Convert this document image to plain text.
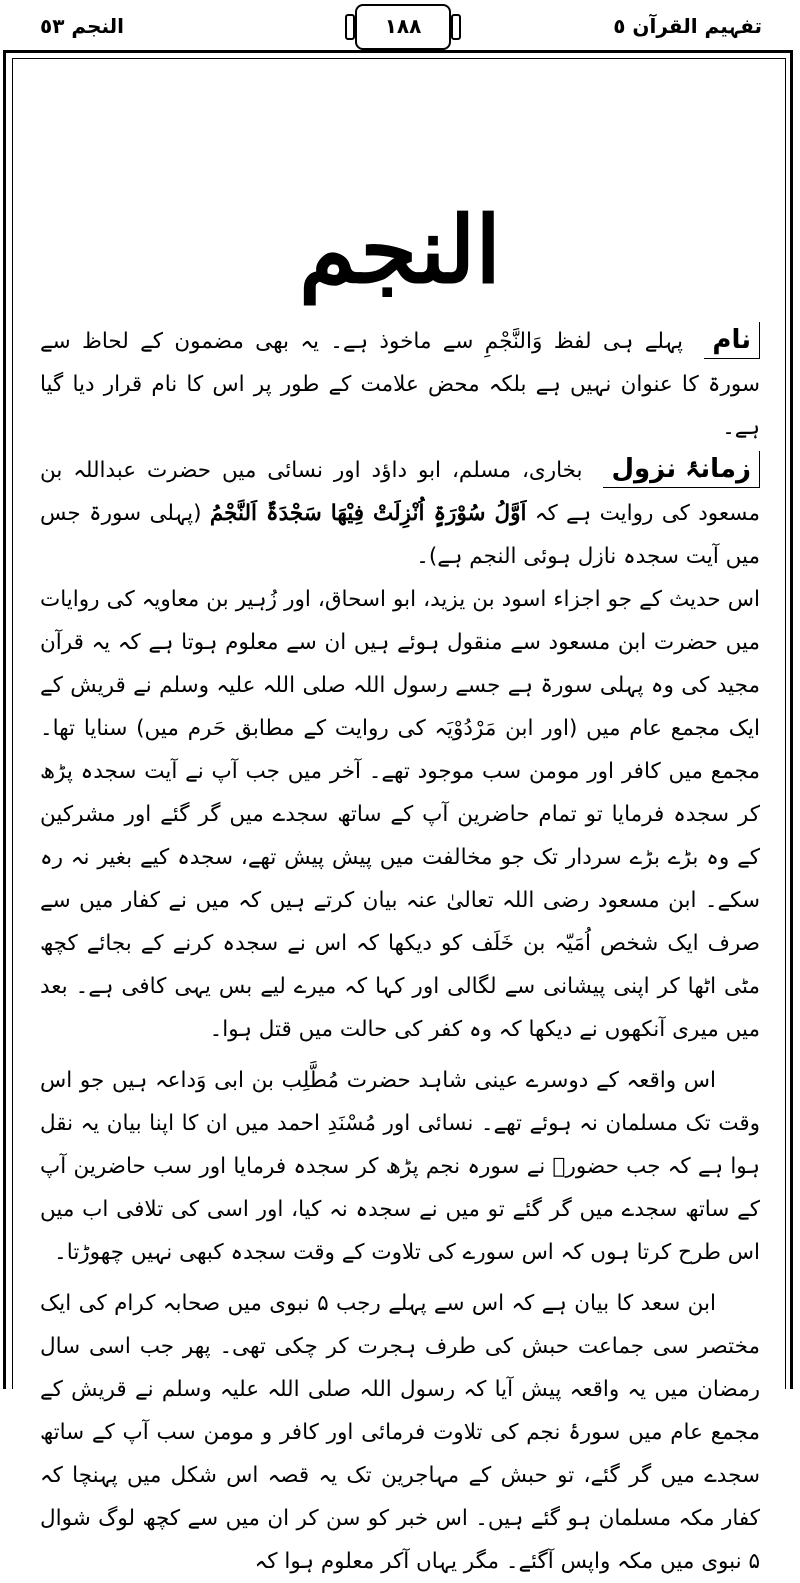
تفہیم القرآن ٥
۱۸۸
النجم ٥٣
النجم

نام پہلے ہی لفظ وَالنَّجْمِ سے ماخوذ ہے۔ یہ بھی مضمون کے لحاظ سے سورۃ کا عنوان نہیں ہے بلکہ محض علامت کے طور پر اس کا نام قرار دیا گیا ہے۔

زمانۂ نزول بخاری، مسلم، ابو داؤد اور نسائی میں حضرت عبداللہ بن مسعود کی روایت ہے کہ اَوَّلُ سُوْرَۃٍ اُنْزِلَتْ فِیْھَا سَجْدَۃٌ اَلنَّجْمُ (پہلی سورۃ جس میں آیت سجدہ نازل ہوئی النجم ہے)۔

اس حدیث کے جو اجزاء اسود بن یزید، ابو اسحاق، اور زُہیر بن معاویہ کی روایات میں حضرت ابن مسعود سے منقول ہوئے ہیں ان سے معلوم ہوتا ہے کہ یہ قرآن مجید کی وہ پہلی سورۃ ہے جسے رسول اللہ صلی اللہ علیہ وسلم نے قریش کے ایک مجمع عام میں (اور ابن مَرْدُوْیَہ کی روایت کے مطابق حَرم میں) سنایا تھا۔ مجمع میں کافر اور مومن سب موجود تھے۔ آخر میں جب آپ نے آیت سجدہ پڑھ کر سجدہ فرمایا تو تمام حاضرین آپ کے ساتھ سجدے میں گر گئے اور مشرکین کے وہ بڑے بڑے سردار تک جو مخالفت میں پیش پیش تھے، سجدہ کیے بغیر نہ رہ سکے۔ ابن مسعود رضی اللہ تعالیٰ عنہ بیان کرتے ہیں کہ میں نے کفار میں سے صرف ایک شخص اُمَیّہ بن خَلَف کو دیکھا کہ اس نے سجدہ کرنے کے بجائے کچھ مٹی اٹھا کر اپنی پیشانی سے لگالی اور کہا کہ میرے لیے بس یہی کافی ہے۔ بعد میں میری آنکھوں نے دیکھا کہ وہ کفر کی حالت میں قتل ہوا۔

اس واقعہ کے دوسرے عینی شاہد حضرت مُطَّلِب بن ابی وَداعہ ہیں جو اس وقت تک مسلمان نہ ہوئے تھے۔ نسائی اور مُسْنَدِ احمد میں ان کا اپنا بیان یہ نقل ہوا ہے کہ جب حضورؐ نے سورہ نجم پڑھ کر سجدہ فرمایا اور سب حاضرین آپ کے ساتھ سجدے میں گر گئے تو میں نے سجدہ نہ کیا، اور اسی کی تلافی اب میں اس طرح کرتا ہوں کہ اس سورے کی تلاوت کے وقت سجدہ کبھی نہیں چھوڑتا۔

ابن سعد کا بیان ہے کہ اس سے پہلے رجب ۵ نبوی میں صحابہ کرام کی ایک مختصر سی جماعت حبش کی طرف ہجرت کر چکی تھی۔ پھر جب اسی سال رمضان میں یہ واقعہ پیش آیا کہ رسول اللہ صلی اللہ علیہ وسلم نے قریش کے مجمع عام میں سورۂ نجم کی تلاوت فرمائی اور کافر و مومن سب آپ کے ساتھ سجدے میں گر گئے، تو حبش کے مہاجرین تک یہ قصہ اس شکل میں پہنچا کہ کفار مکہ مسلمان ہو گئے ہیں۔ اس خبر کو سن کر ان میں سے کچھ لوگ شوال ۵ نبوی میں مکہ واپس آگئے۔ مگر یہاں آکر معلوم ہوا کہ
